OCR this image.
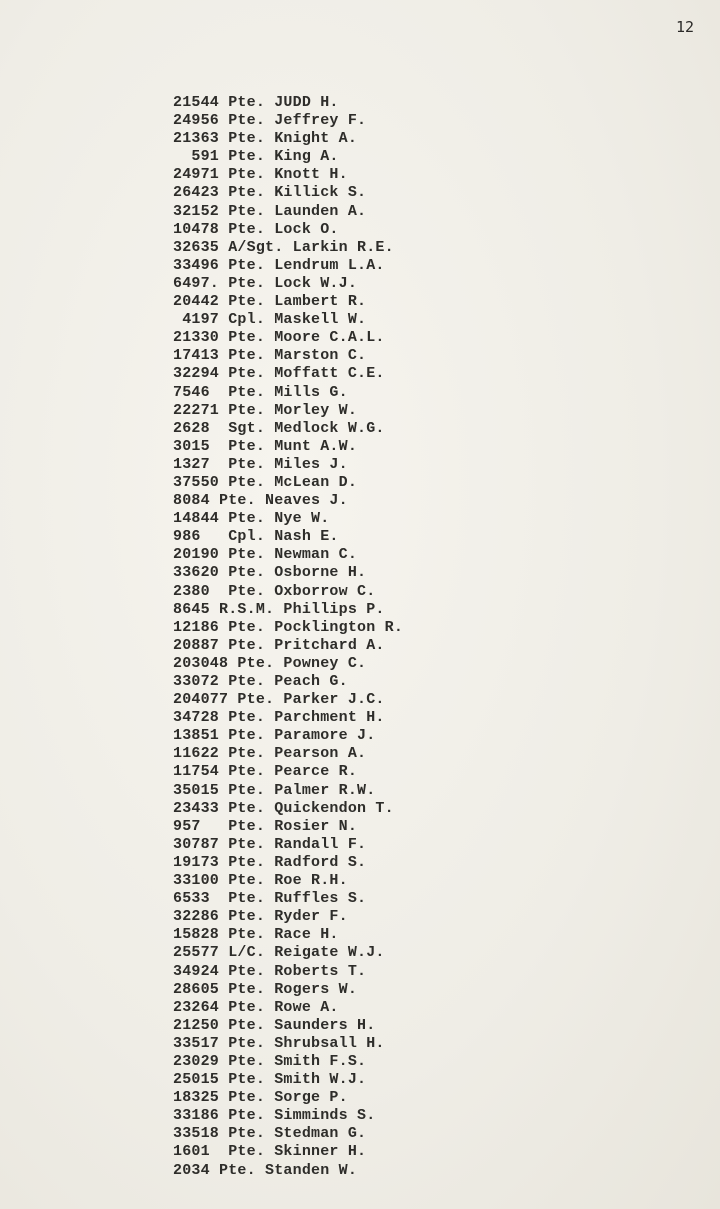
12
21544 Pte. JUDD H.
24956 Pte. Jeffrey F.
21363 Pte. Knight A.
591 Pte. King A.
24971 Pte. Knott H.
26423 Pte. Killick S.
32152 Pte. Launden A.
10478 Pte. Lock O.
32635 A/Sgt. Larkin R.E.
33496 Pte. Lendrum L.A.
6497. Pte. Lock W.J.
20442 Pte. Lambert R.
4197 Cpl. Maskell W.
21330 Pte. Moore C.A.L.
17413 Pte. Marston C.
32294 Pte. Moffatt C.E.
7546  Pte. Mills G.
22271 Pte. Morley W.
2628  Sgt. Medlock W.G.
3015  Pte. Munt A.W.
1327  Pte. Miles J.
37550 Pte. McLean D.
8084 Pte. Neaves J.
14844 Pte. Nye W.
986   Cpl. Nash E.
20190 Pte. Newman C.
33620 Pte. Osborne H.
2380  Pte. Oxborrow C.
8645 R.S.M. Phillips P.
12186 Pte. Pocklington R.
20887 Pte. Pritchard A.
203048 Pte. Powney C.
33072 Pte. Peach G.
204077 Pte. Parker J.C.
34728 Pte. Parchment H.
13851 Pte. Paramore J.
11622 Pte. Pearson A.
11754 Pte. Pearce R.
35015 Pte. Palmer R.W.
23433 Pte. Quickendon T.
957   Pte. Rosier N.
30787 Pte. Randall F.
19173 Pte. Radford S.
33100 Pte. Roe R.H.
6533  Pte. Ruffles S.
32286 Pte. Ryder F.
15828 Pte. Race H.
25577 L/C. Reigate W.J.
34924 Pte. Roberts T.
28605 Pte. Rogers W.
23264 Pte. Rowe A.
21250 Pte. Saunders H.
33517 Pte. Shrubsall H.
23029 Pte. Smith F.S.
25015 Pte. Smith W.J.
18325 Pte. Sorge P.
33186 Pte. Simminds S.
33518 Pte. Stedman G.
1601  Pte. Skinner H.
2034 Pte. Standen W.
